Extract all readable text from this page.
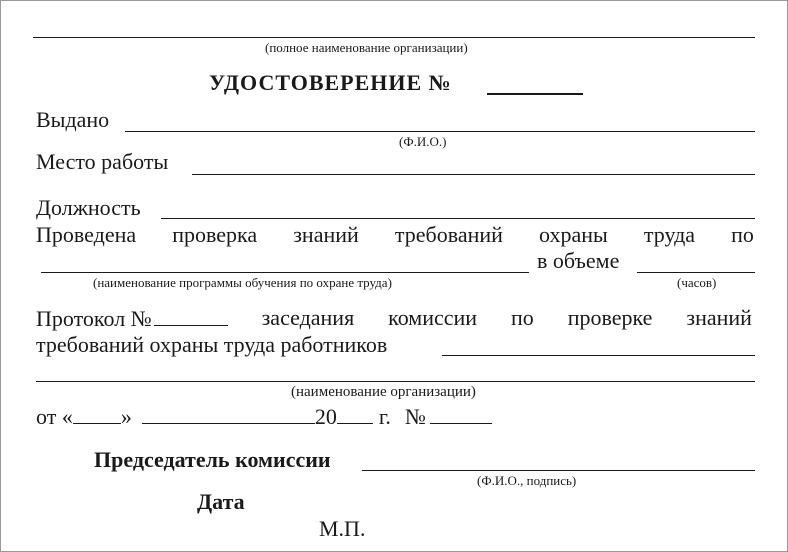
(полное наименование организации)
УДОСТОВЕРЕНИЕ №
Выдано
(Ф.И.О.)
Место работы
Должность
Проведена проверка знаний требований охраны труда по
в объеме
(наименование программы обучения по охране труда)	(часов)
Протокол №	заседания комиссии по проверке знаний
требований охраны труда работников
(наименование организации)
от « »	20 г. №
Председатель комиссии
(Ф.И.О., подпись)
Дата
М.П.
